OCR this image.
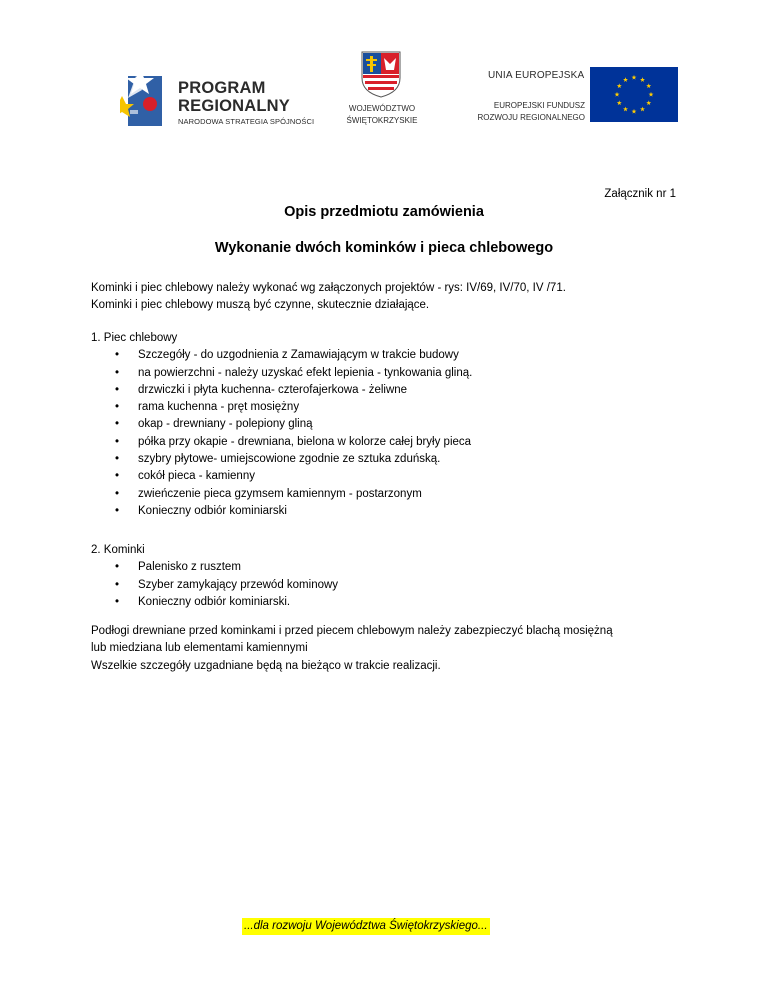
PROGRAM
REGIONALNY
NARODOWA STRATEGIA SPÓJNOŚCI
WOJEWÓDZTWO
ŚWIĘTOKRZYSKIE
UNIA EUROPEJSKA
EUROPEJSKI FUNDUSZ
ROZWOJU REGIONALNEGO
Załącznik nr 1
Opis przedmiotu zamówienia
Wykonanie dwóch kominków i pieca chlebowego

Kominki i piec chlebowy należy wykonać wg załączonych projektów - rys: IV/69, IV/70, IV /71.

Kominki i piec chlebowy muszą być czynne, skutecznie działające.

1. Piec chlebowy

• Szczegóły - do uzgodnienia z Zamawiającym w trakcie budowy
• na powierzchni - należy uzyskać efekt lepienia - tynkowania gliną.
• drzwiczki i płyta kuchenna- czterofajerkowa - żeliwne
• rama kuchenna - pręt mosiężny
• okap - drewniany - polepiony gliną
• półka przy okapie - drewniana, bielona w kolorze całej bryły pieca
• szybry płytowe- umiejscowione zgodnie ze sztuka zduńską.
• cokół pieca - kamienny
• zwieńczenie pieca gzymsem kamiennym - postarzonym
• Konieczny odbiór kominiarski

2. Kominki

• Palenisko z rusztem
• Szyber zamykający przewód kominowy
• Konieczny odbiór kominiarski.

Podłogi drewniane przed kominkami i przed piecem chlebowym należy zabezpieczyć blachą mosiężną

lub miedziana lub elementami kamiennymi

Wszelkie szczegóły uzgadniane będą na bieżąco w trakcie realizacji.

...dla rozwoju Województwa Świętokrzyskiego...
